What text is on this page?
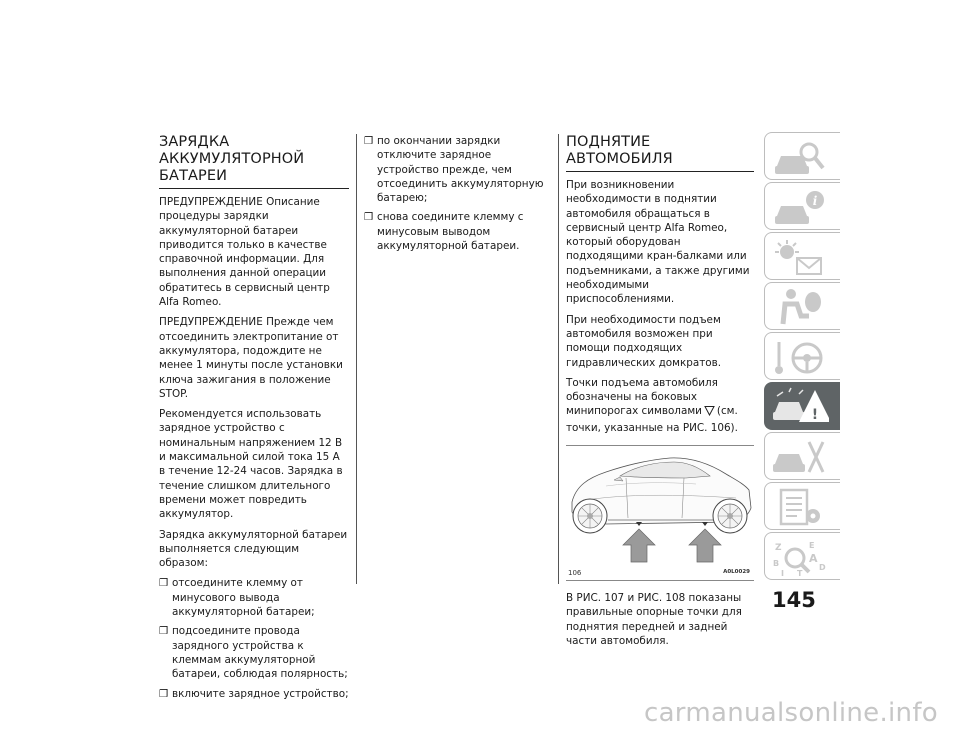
ЗАРЯДКА АККУМУЛЯТОРНОЙ БАТАРЕИ

ПРЕДУПРЕЖДЕНИЕ Описание процедуры зарядки аккумуляторной батареи приводится только в качестве справочной информации. Для выполнения данной операции обратитесь в сервисный центр Alfa Romeo.

ПРЕДУПРЕЖДЕНИЕ Прежде чем отсоединить электропитание от аккумулятора, подождите не менее 1 минуты после установки ключа зажигания в положение STOP.

Рекомендуется использовать зарядное устройство с номинальным напряжением 12 В и максимальной силой тока 15 А в течение 12-24 часов. Зарядка в течение слишком длительного времени может повредить аккумулятор.

Зарядка аккумуляторной батареи выполняется следующим образом:

❒ отсоедините клемму от минусового вывода аккумуляторной батареи;
❒ подсоедините провода зарядного устройства к клеммам аккумуляторной батареи, соблюдая полярность;
❒ включите зарядное устройство;
❒ по окончании зарядки отключите зарядное устройство прежде, чем отсоединить аккумуляторную батарею;
❒ снова соедините клемму с минусовым выводом аккумуляторной батареи.
ПОДНЯТИЕ АВТОМОБИЛЯ

При возникновении необходимости в поднятии автомобиля обращаться в сервисный центр Alfa Romeo, который оборудован подходящими кран-балками или подъемниками, а также другими необходимыми приспособлениями.

При необходимости подъем автомобиля возможен при помощи подходящих гидравлических домкратов.

Точки подъема автомобиля обозначены на боковых минипорогах символами (см. точки, указанные на РИС. 106).

106	A0L0029

В РИС. 107 и РИС. 108 показаны правильные опорные точки для поднятия передней и задней части автомобиля.

i
!
Z	E
A
D
B
I T
145
carmanualsonline.info
